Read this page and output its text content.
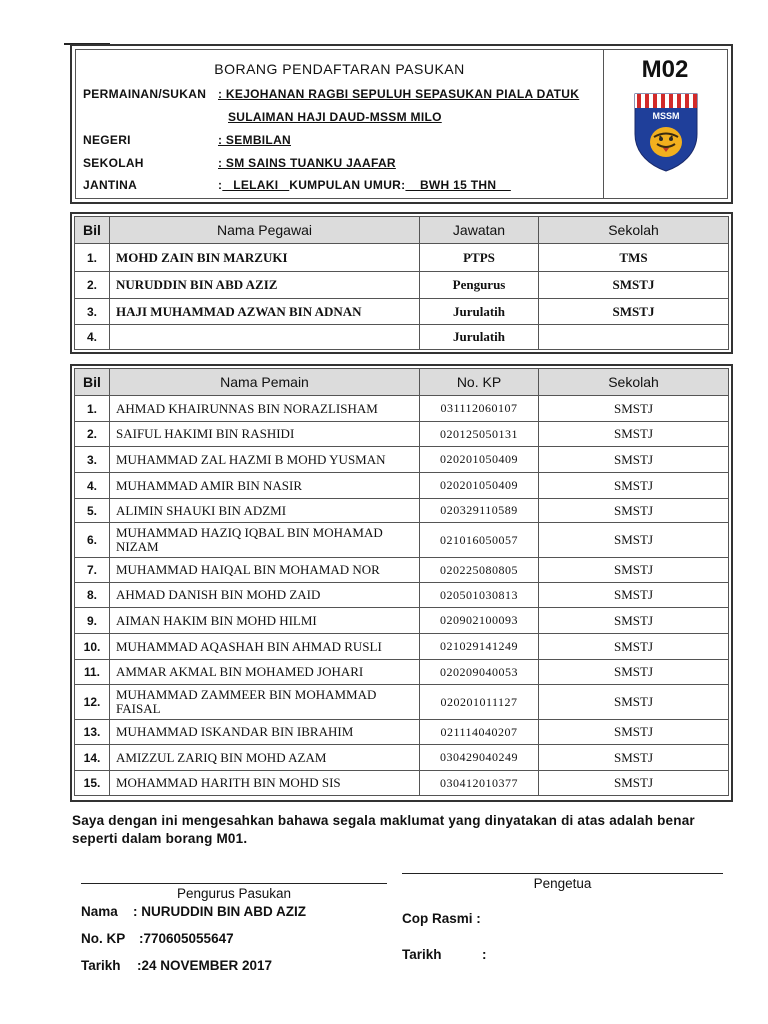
BORANG PENDAFTARAN PASUKAN
PERMAINAN/SUKAN : KEJOHANAN RAGBI SEPULUH SEPASUKAN PIALA DATUK
SULAIMAN HAJI DAUD-MSSM MILO
NEGERI	: SEMBILAN
SEKOLAH	: SM SAINS TUANKU JAAFAR
JANTINA	:   LELAKI   KUMPULAN UMUR:    BWH 15 THN
M02
MSSM
Bil	Nama Pegawai	Jawatan	Sekolah
1.	MOHD ZAIN BIN MARZUKI	PTPS	TMS
2.	NURUDDIN BIN ABD AZIZ	Pengurus	SMSTJ
3.	HAJI MUHAMMAD AZWAN BIN ADNAN	Jurulatih	SMSTJ
4.		Jurulatih	
Bil	Nama Pemain	No. KP	Sekolah
1.	AHMAD KHAIRUNNAS BIN NORAZLISHAM	031112060107	SMSTJ
2.	SAIFUL HAKIMI BIN RASHIDI	020125050131	SMSTJ
3.	MUHAMMAD ZAL HAZMI B MOHD YUSMAN	020201050409	SMSTJ
4.	MUHAMMAD AMIR BIN NASIR	020201050409	SMSTJ
5.	ALIMIN SHAUKI BIN ADZMI	020329110589	SMSTJ
6.	MUHAMMAD HAZIQ IQBAL BIN MOHAMAD NIZAM	021016050057	SMSTJ
7.	MUHAMMAD HAIQAL BIN MOHAMAD NOR	020225080805	SMSTJ
8.	AHMAD DANISH BIN MOHD ZAID	020501030813	SMSTJ
9.	AIMAN HAKIM BIN MOHD HILMI	020902100093	SMSTJ
10.	MUHAMMAD AQASHAH BIN AHMAD RUSLI	021029141249	SMSTJ
11.	AMMAR AKMAL BIN MOHAMED JOHARI	020209040053	SMSTJ
12.	MUHAMMAD ZAMMEER BIN MOHAMMAD FAISAL	020201011127	SMSTJ
13.	MUHAMMAD ISKANDAR BIN IBRAHIM	021114040207	SMSTJ
14.	AMIZZUL ZARIQ BIN MOHD AZAM	030429040249	SMSTJ
15.	MOHAMMAD HARITH BIN MOHD SIS	030412010377	SMSTJ
Saya dengan ini mengesahkan bahawa segala maklumat yang dinyatakan di atas adalah benar seperti dalam borang M01.
Pengurus Pasukan
Nama : NURUDDIN BIN ABD AZIZ
No. KP :770605055647
Tarikh :24 NOVEMBER 2017
Pengetua
Cop Rasmi :
Tarikh	:
